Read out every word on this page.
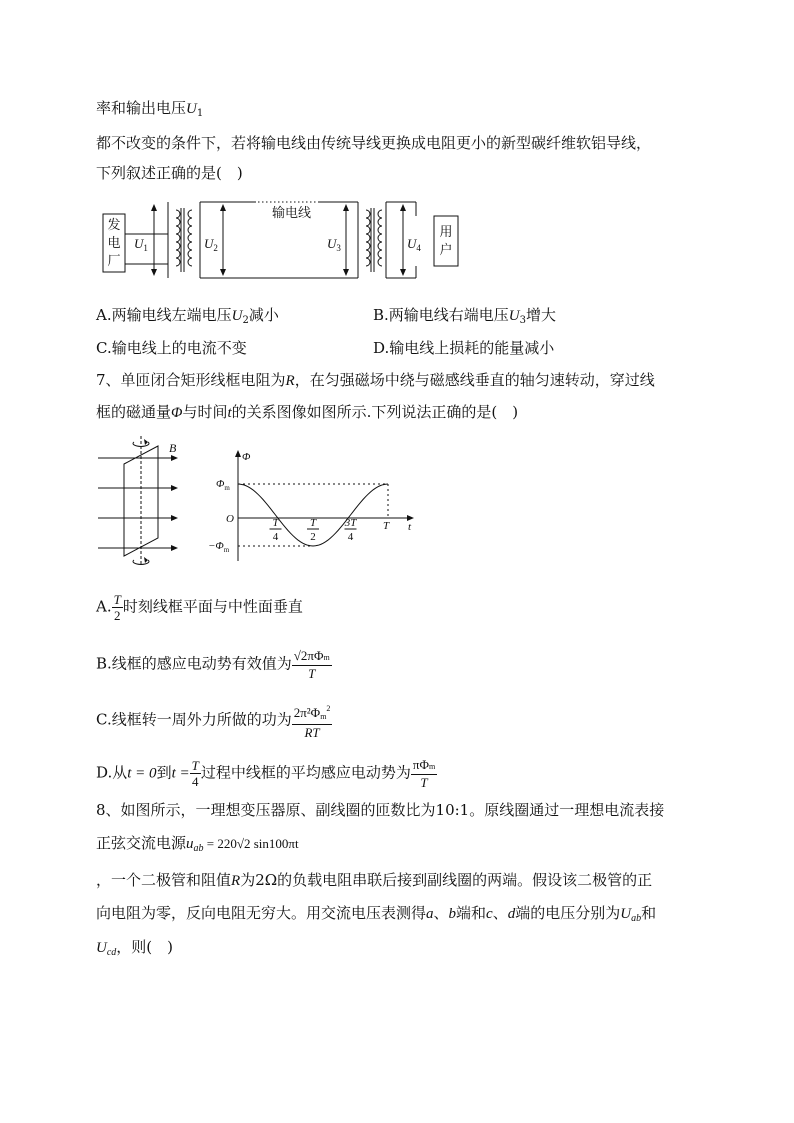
率和输出电压$U_1$
都不改变的条件下，若将输电线由传统导线更换成电阻更小的新型碳纤维软铝导线，
下列叙述正确的是(　)
发
电
厂
用
户
输电线
$U_1$	$U_2$	$U_3$	$U_4$
A.两输电线左端电压$U_2$减小	B.两输电线右端电压$U_3$增大
C.输电线上的电流不变	D.输电线上损耗的能量减小
7、单匝闭合矩形线框电阻为R，在匀强磁场中绕与磁感线垂直的轴匀速转动，穿过线
框的磁通量Φ与时间t的关系图像如图所示.下列说法正确的是(　)
B
Φ
t
O
$\Phi_m$
$-\Phi_m$
T
T
4
T
2
3T
4
A. $\frac{T}{2}$ 时刻线框平面与中性面垂直
B.线框的感应电动势有效值为 $\frac{\text{√2πΦm}}{T}$
C.线框转一周外力所做的功为 $\frac{2\pi^2\Phi m^2}{RT}$
D.从t = 0到$t = \frac{T}{4}$ 过程中线框的平均感应电动势为 $\frac{\text{πΦm}}{T}$
8、如图所示，一理想变压器原、副线圈的匝数比为10:1。原线圈通过一理想电流表接
正弦交流电源$u_{ab} = 220√2$ sin100πt
，一个二极管和阻值R为2Ω的负载电阻串联后接到副线圈的两端。假设该二极管的正
向电阻为零，反向电阻无穷大。用交流电压表测得a、b端和c、d端的电压分别为$U_{ab}$和
$U_{cd}$，则(　)
